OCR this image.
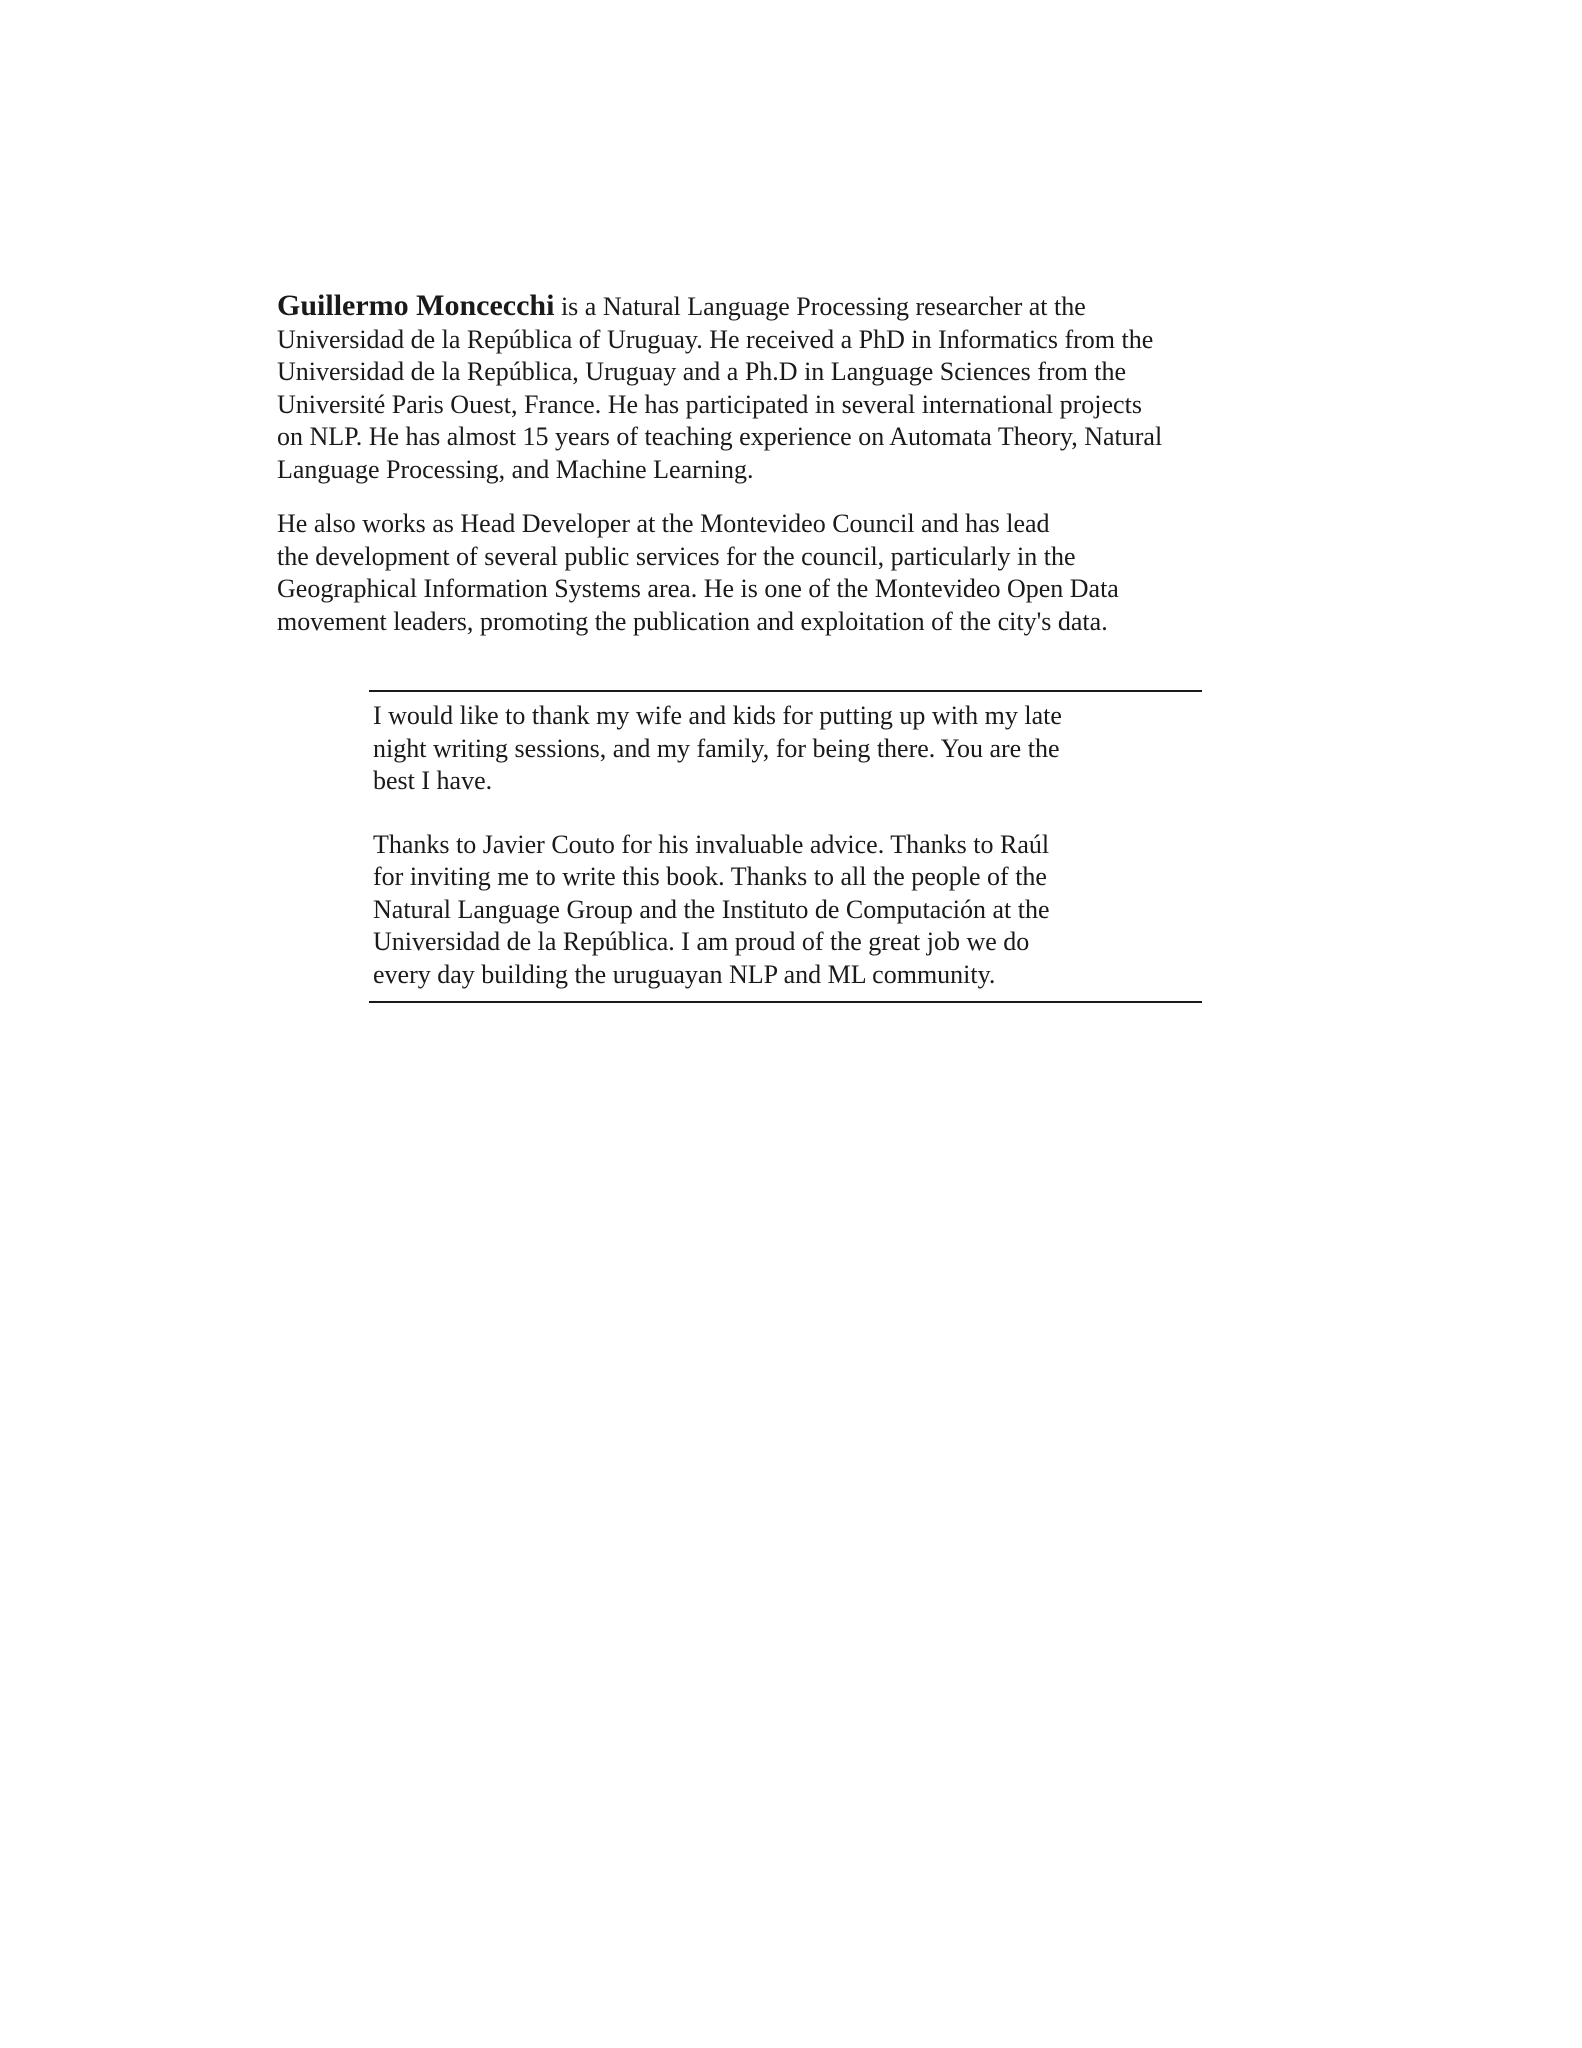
Guillermo Moncecchi is a Natural Language Processing researcher at the
Universidad de la República of Uruguay. He received a PhD in Informatics from the
Universidad de la República, Uruguay and a Ph.D in Language Sciences from the
Université Paris Ouest, France. He has participated in several international projects
on NLP. He has almost 15 years of teaching experience on Automata Theory, Natural
Language Processing, and Machine Learning.

He also works as Head Developer at the Montevideo Council and has lead
the development of several public services for the council, particularly in the
Geographical Information Systems area. He is one of the Montevideo Open Data
movement leaders, promoting the publication and exploitation of the city's data.

I would like to thank my wife and kids for putting up with my late
night writing sessions, and my family, for being there. You are the
best I have.

Thanks to Javier Couto for his invaluable advice. Thanks to Raúl
for inviting me to write this book. Thanks to all the people of the
Natural Language Group and the Instituto de Computación at the
Universidad de la República. I am proud of the great job we do
every day building the uruguayan NLP and ML community.
